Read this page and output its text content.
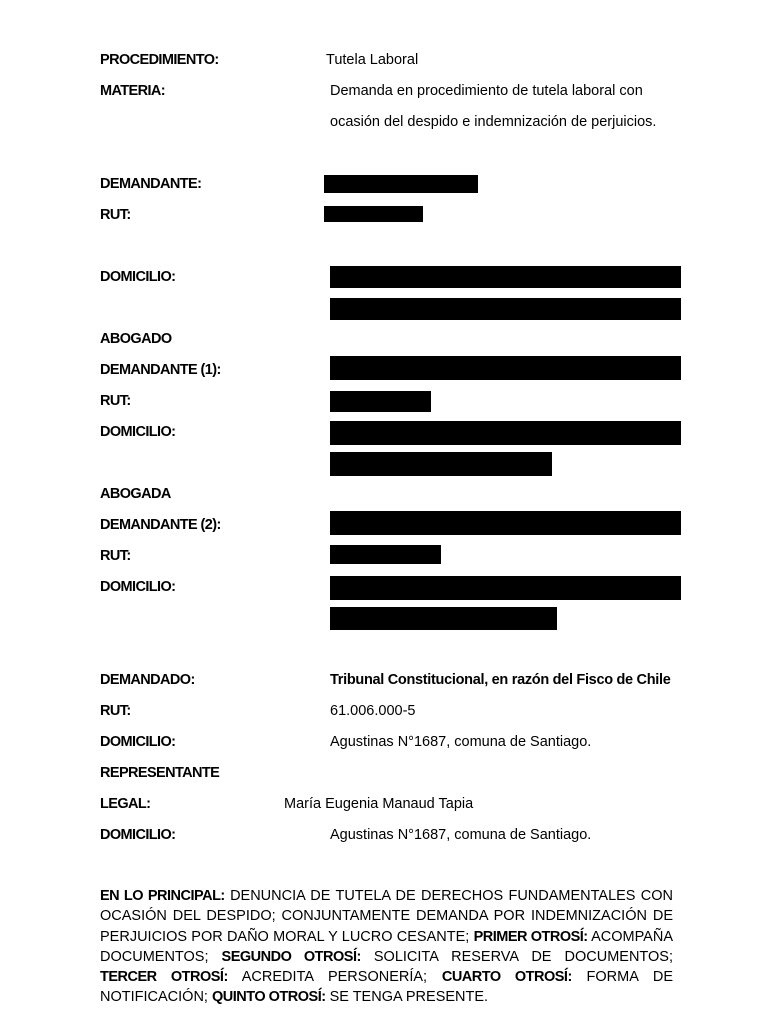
PROCEDIMIENTO:	Tutela Laboral
MATERIA:	Demanda en procedimiento de tutela laboral con
ocasión del despido e indemnización de perjuicios.
DEMANDANTE:
RUT:
DOMICILIO:
ABOGADO
DEMANDANTE (1):
RUT:
DOMICILIO:
ABOGADA
DEMANDANTE (2):
RUT:
DOMICILIO:
DEMANDADO:	Tribunal Constitucional, en razón del Fisco de Chile
RUT:	61.006.000-5
DOMICILIO:	Agustinas N°1687, comuna de Santiago.
REPRESENTANTE
LEGAL:	María Eugenia Manaud Tapia
DOMICILIO:	Agustinas N°1687, comuna de Santiago.
EN LO PRINCIPAL: DENUNCIA DE TUTELA DE DERECHOS FUNDAMENTALES CON OCASIÓN DEL DESPIDO; CONJUNTAMENTE DEMANDA POR INDEMNIZACIÓN DE PERJUICIOS POR DAÑO MORAL Y LUCRO CESANTE; PRIMER OTROSÍ: ACOMPAÑA DOCUMENTOS; SEGUNDO OTROSÍ: SOLICITA RESERVA DE DOCUMENTOS; TERCER OTROSÍ: ACREDITA PERSONERÍA; CUARTO OTROSÍ: FORMA DE NOTIFICACIÓN; QUINTO OTROSÍ: SE TENGA PRESENTE.
